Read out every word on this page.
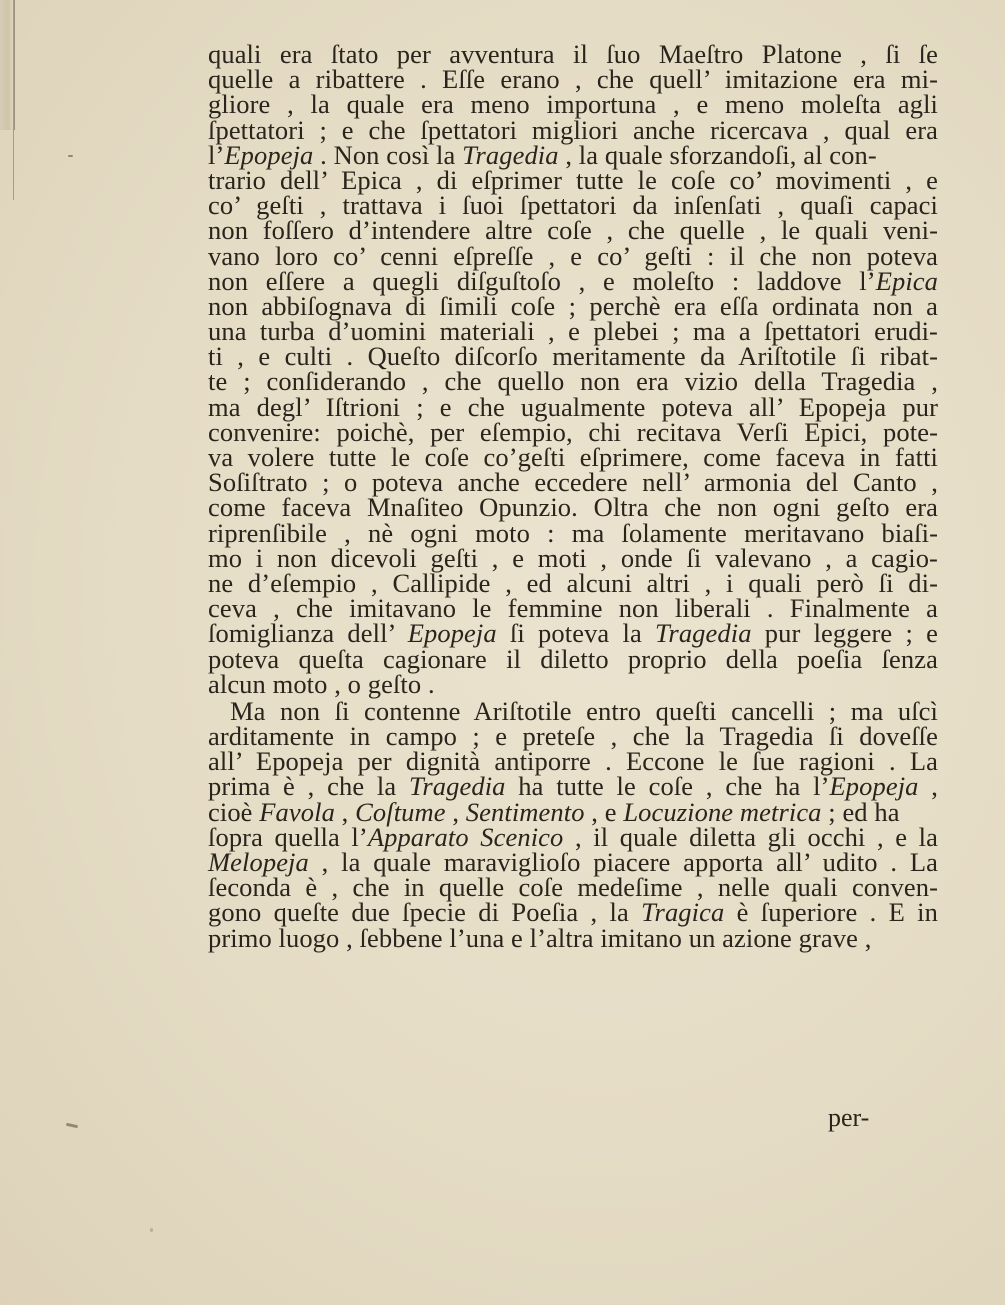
quali era ſtato per avventura il ſuo Maeſtro Platone , ſi ſe
quelle a ribattere . Eſſe erano , che quell’ imitazione era mi-
gliore , la quale era meno importuna , e meno moleſta agli
ſpettatori ; e che ſpettatori migliori anche ricercava , qual era
l’Epopeja . Non così la Tragedia , la quale sforzandoſi, al con-
trario dell’ Epica , di eſprimer tutte le coſe co’ movimenti , e
co’ geſti , trattava i ſuoi ſpettatori da inſenſati , quaſi capaci
non foſſero d’intendere altre coſe , che quelle , le quali veni-
vano loro co’ cenni eſpreſſe , e co’ geſti : il che non poteva
non eſſere a quegli diſguſtoſo , e moleſto : laddove l’Epica
non abbiſognava di ſimili coſe ; perchè era eſſa ordinata non a
una turba d’uomini materiali , e plebei ; ma a ſpettatori erudi-
ti , e culti . Queſto diſcorſo meritamente da Ariſtotile ſi ribat-
te ; conſiderando , che quello non era vizio della Tragedia ,
ma degl’ Iſtrioni ; e che ugualmente poteva all’ Epopeja pur
convenire: poichè, per eſempio, chi recitava Verſi Epici, pote-
va volere tutte le coſe co’geſti eſprimere, come faceva in fatti
Soſiſtrato ; o poteva anche eccedere nell’ armonia del Canto ,
come faceva Mnaſiteo Opunzio. Oltra che non ogni geſto era
riprenſibile , nè ogni moto : ma ſolamente meritavano biaſi-
mo i non dicevoli geſti , e moti , onde ſi valevano , a cagio-
ne d’eſempio , Callipide , ed alcuni altri , i quali però ſi di-
ceva , che imitavano le femmine non liberali . Finalmente a
ſomiglianza dell’ Epopeja ſi poteva la Tragedia pur leggere ; e
poteva queſta cagionare il diletto proprio della poeſia ſenza
alcun moto , o geſto .
Ma non ſi contenne Ariſtotile entro queſti cancelli ; ma uſcì
arditamente in campo ; e preteſe , che la Tragedia ſi doveſſe
all’ Epopeja per dignità antiporre . Eccone le ſue ragioni . La
prima è , che la Tragedia ha tutte le coſe , che ha l’Epopeja ,
cioè Favola , Coſtume , Sentimento , e Locuzione metrica ; ed ha
ſopra quella l’Apparato Scenico , il quale diletta gli occhi , e la
Melopeja , la quale maraviglioſo piacere apporta all’ udito . La
ſeconda è , che in quelle coſe medeſime , nelle quali conven-
gono queſte due ſpecie di Poeſia , la Tragica è ſuperiore . E in
primo luogo , ſebbene l’una e l’altra imitano un azione grave ,
per-
